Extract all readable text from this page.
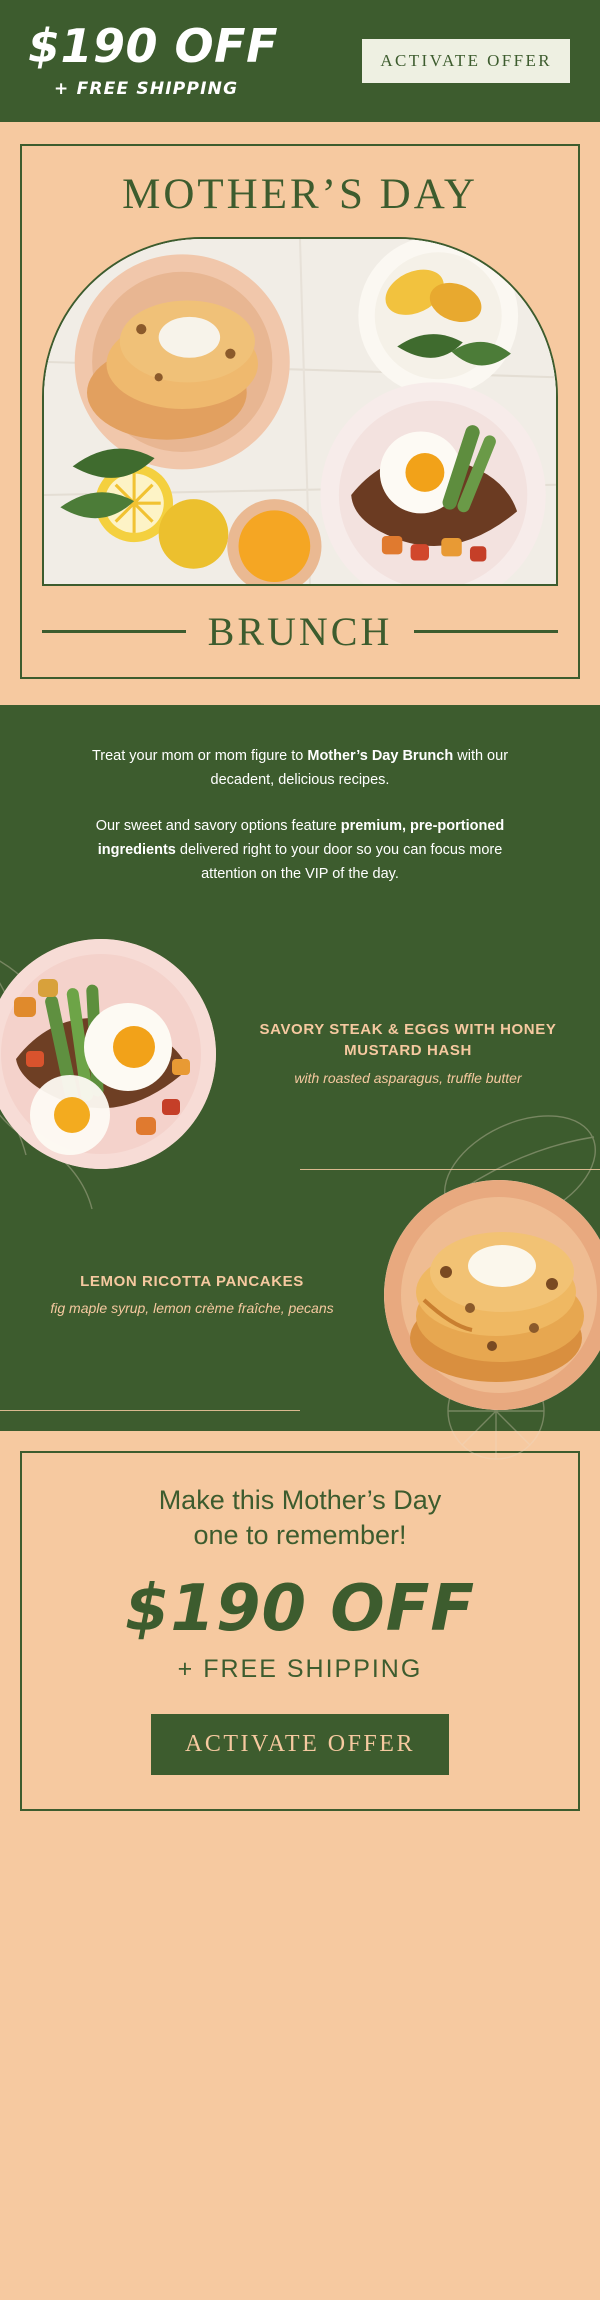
$190 OFF
+ FREE SHIPPING
ACTIVATE OFFER
MOTHER’S DAY
BRUNCH

Treat your mom or mom figure to Mother’s Day Brunch with our decadent, delicious recipes.

Our sweet and savory options feature premium, pre-portioned ingredients delivered right to your door so you can focus more attention on the VIP of the day.

SAVORY STEAK & EGGS WITH HONEY MUSTARD HASH
with roasted asparagus, truffle butter
LEMON RICOTTA PANCAKES
fig maple syrup, lemon crème fraîche, pecans
Make this Mother’s Day
one to remember!
$190 OFF
+ FREE SHIPPING
ACTIVATE OFFER
